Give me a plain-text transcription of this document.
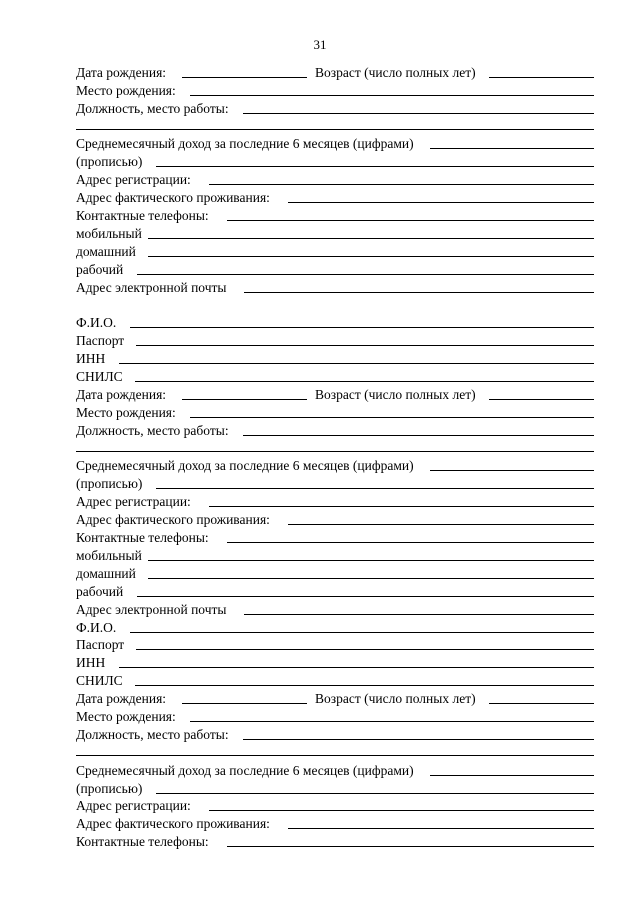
31
Дата рождения:	Возраст (число полных лет)
Место рождения:
Должность, место работы:
Среднемесячный доход за последние 6 месяцев (цифрами)
(прописью)
Адрес регистрации:
Адрес фактического проживания:
Контактные телефоны:
мобильный
домашний
рабочий
Адрес электронной почты
Ф.И.О.
Паспорт
ИНН
СНИЛС
Дата рождения:	Возраст (число полных лет)
Место рождения:
Должность, место работы:
Среднемесячный доход за последние 6 месяцев (цифрами)
(прописью)
Адрес регистрации:
Адрес фактического проживания:
Контактные телефоны:
мобильный
домашний
рабочий
Адрес электронной почты
Ф.И.О.
Паспорт
ИНН
СНИЛС
Дата рождения:	Возраст (число полных лет)
Место рождения:
Должность, место работы:
Среднемесячный доход за последние 6 месяцев (цифрами)
(прописью)
Адрес регистрации:
Адрес фактического проживания:
Контактные телефоны:
